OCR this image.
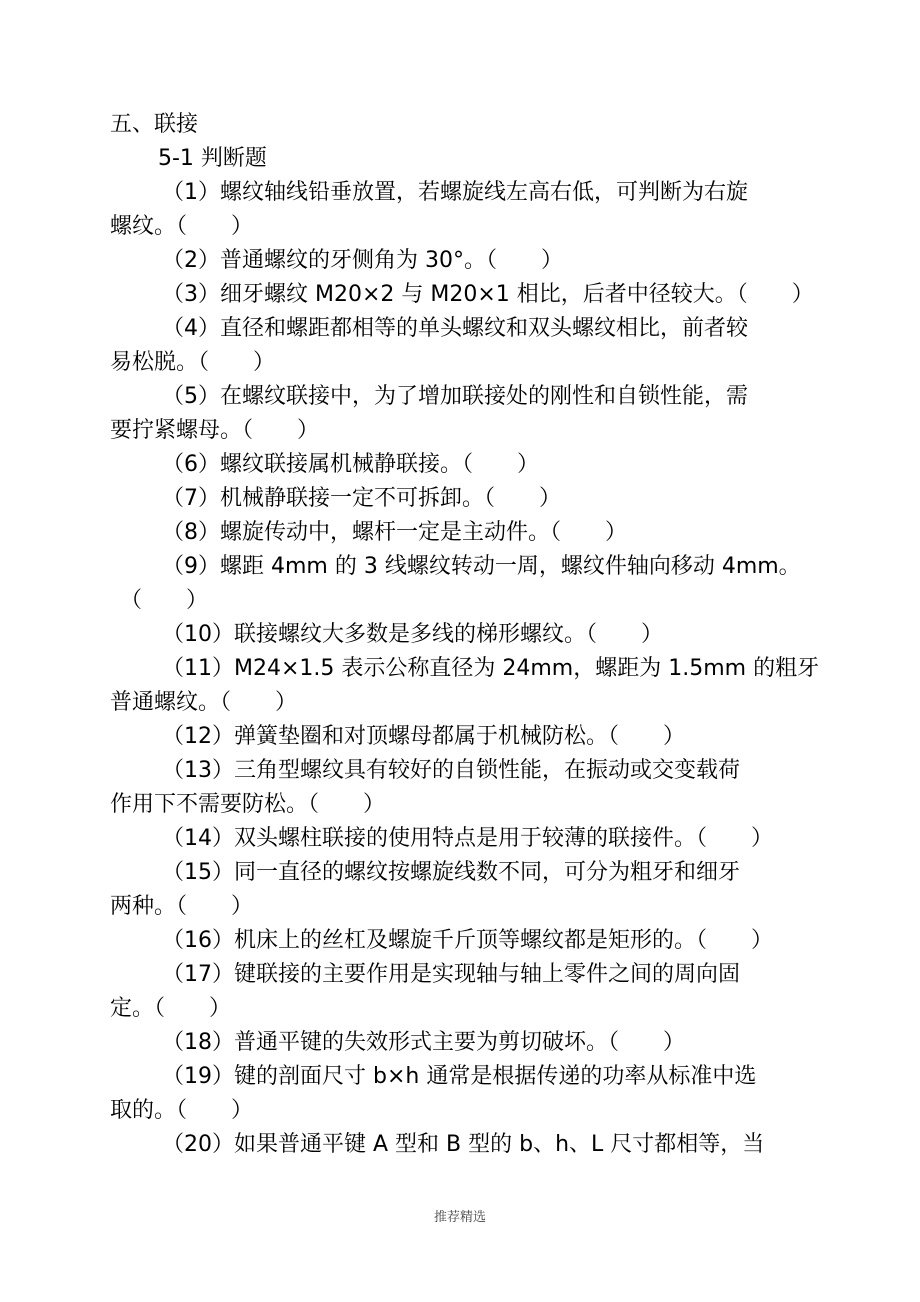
五、联接
5-1 判断题
（1）螺纹轴线铅垂放置，若螺旋线左高右低，可判断为右旋
螺纹。（　　）
（2）普通螺纹的牙侧角为 30°。（　　）
（3）细牙螺纹 M20×2 与 M20×1 相比，后者中径较大。（　　）
（4）直径和螺距都相等的单头螺纹和双头螺纹相比，前者较
易松脱。（　　）
（5）在螺纹联接中，为了增加联接处的刚性和自锁性能，需
要拧紧螺母。（　　）
（6）螺纹联接属机械静联接。（　　）
（7）机械静联接一定不可拆卸。（　　）
（8）螺旋传动中，螺杆一定是主动件。（　　）
（9）螺距 4mm 的 3 线螺纹转动一周，螺纹件轴向移动 4mm。
（　　）
（10）联接螺纹大多数是多线的梯形螺纹。（　　）
（11）M24×1.5 表示公称直径为 24mm，螺距为 1.5mm 的粗牙
普通螺纹。（　　）
（12）弹簧垫圈和对顶螺母都属于机械防松。（　　）
（13）三角型螺纹具有较好的自锁性能，在振动或交变载荷
作用下不需要防松。（　　）
（14）双头螺柱联接的使用特点是用于较薄的联接件。（　　）
（15）同一直径的螺纹按螺旋线数不同，可分为粗牙和细牙
两种。（　　）
（16）机床上的丝杠及螺旋千斤顶等螺纹都是矩形的。（　　）
（17）键联接的主要作用是实现轴与轴上零件之间的周向固
定。（　　）
（18）普通平键的失效形式主要为剪切破坏。（　　）
（19）键的剖面尺寸 b×h 通常是根据传递的功率从标准中选
取的。（　　）
（20）如果普通平键 A 型和 B 型的 b、h、L 尺寸都相等，当
推荐精选
